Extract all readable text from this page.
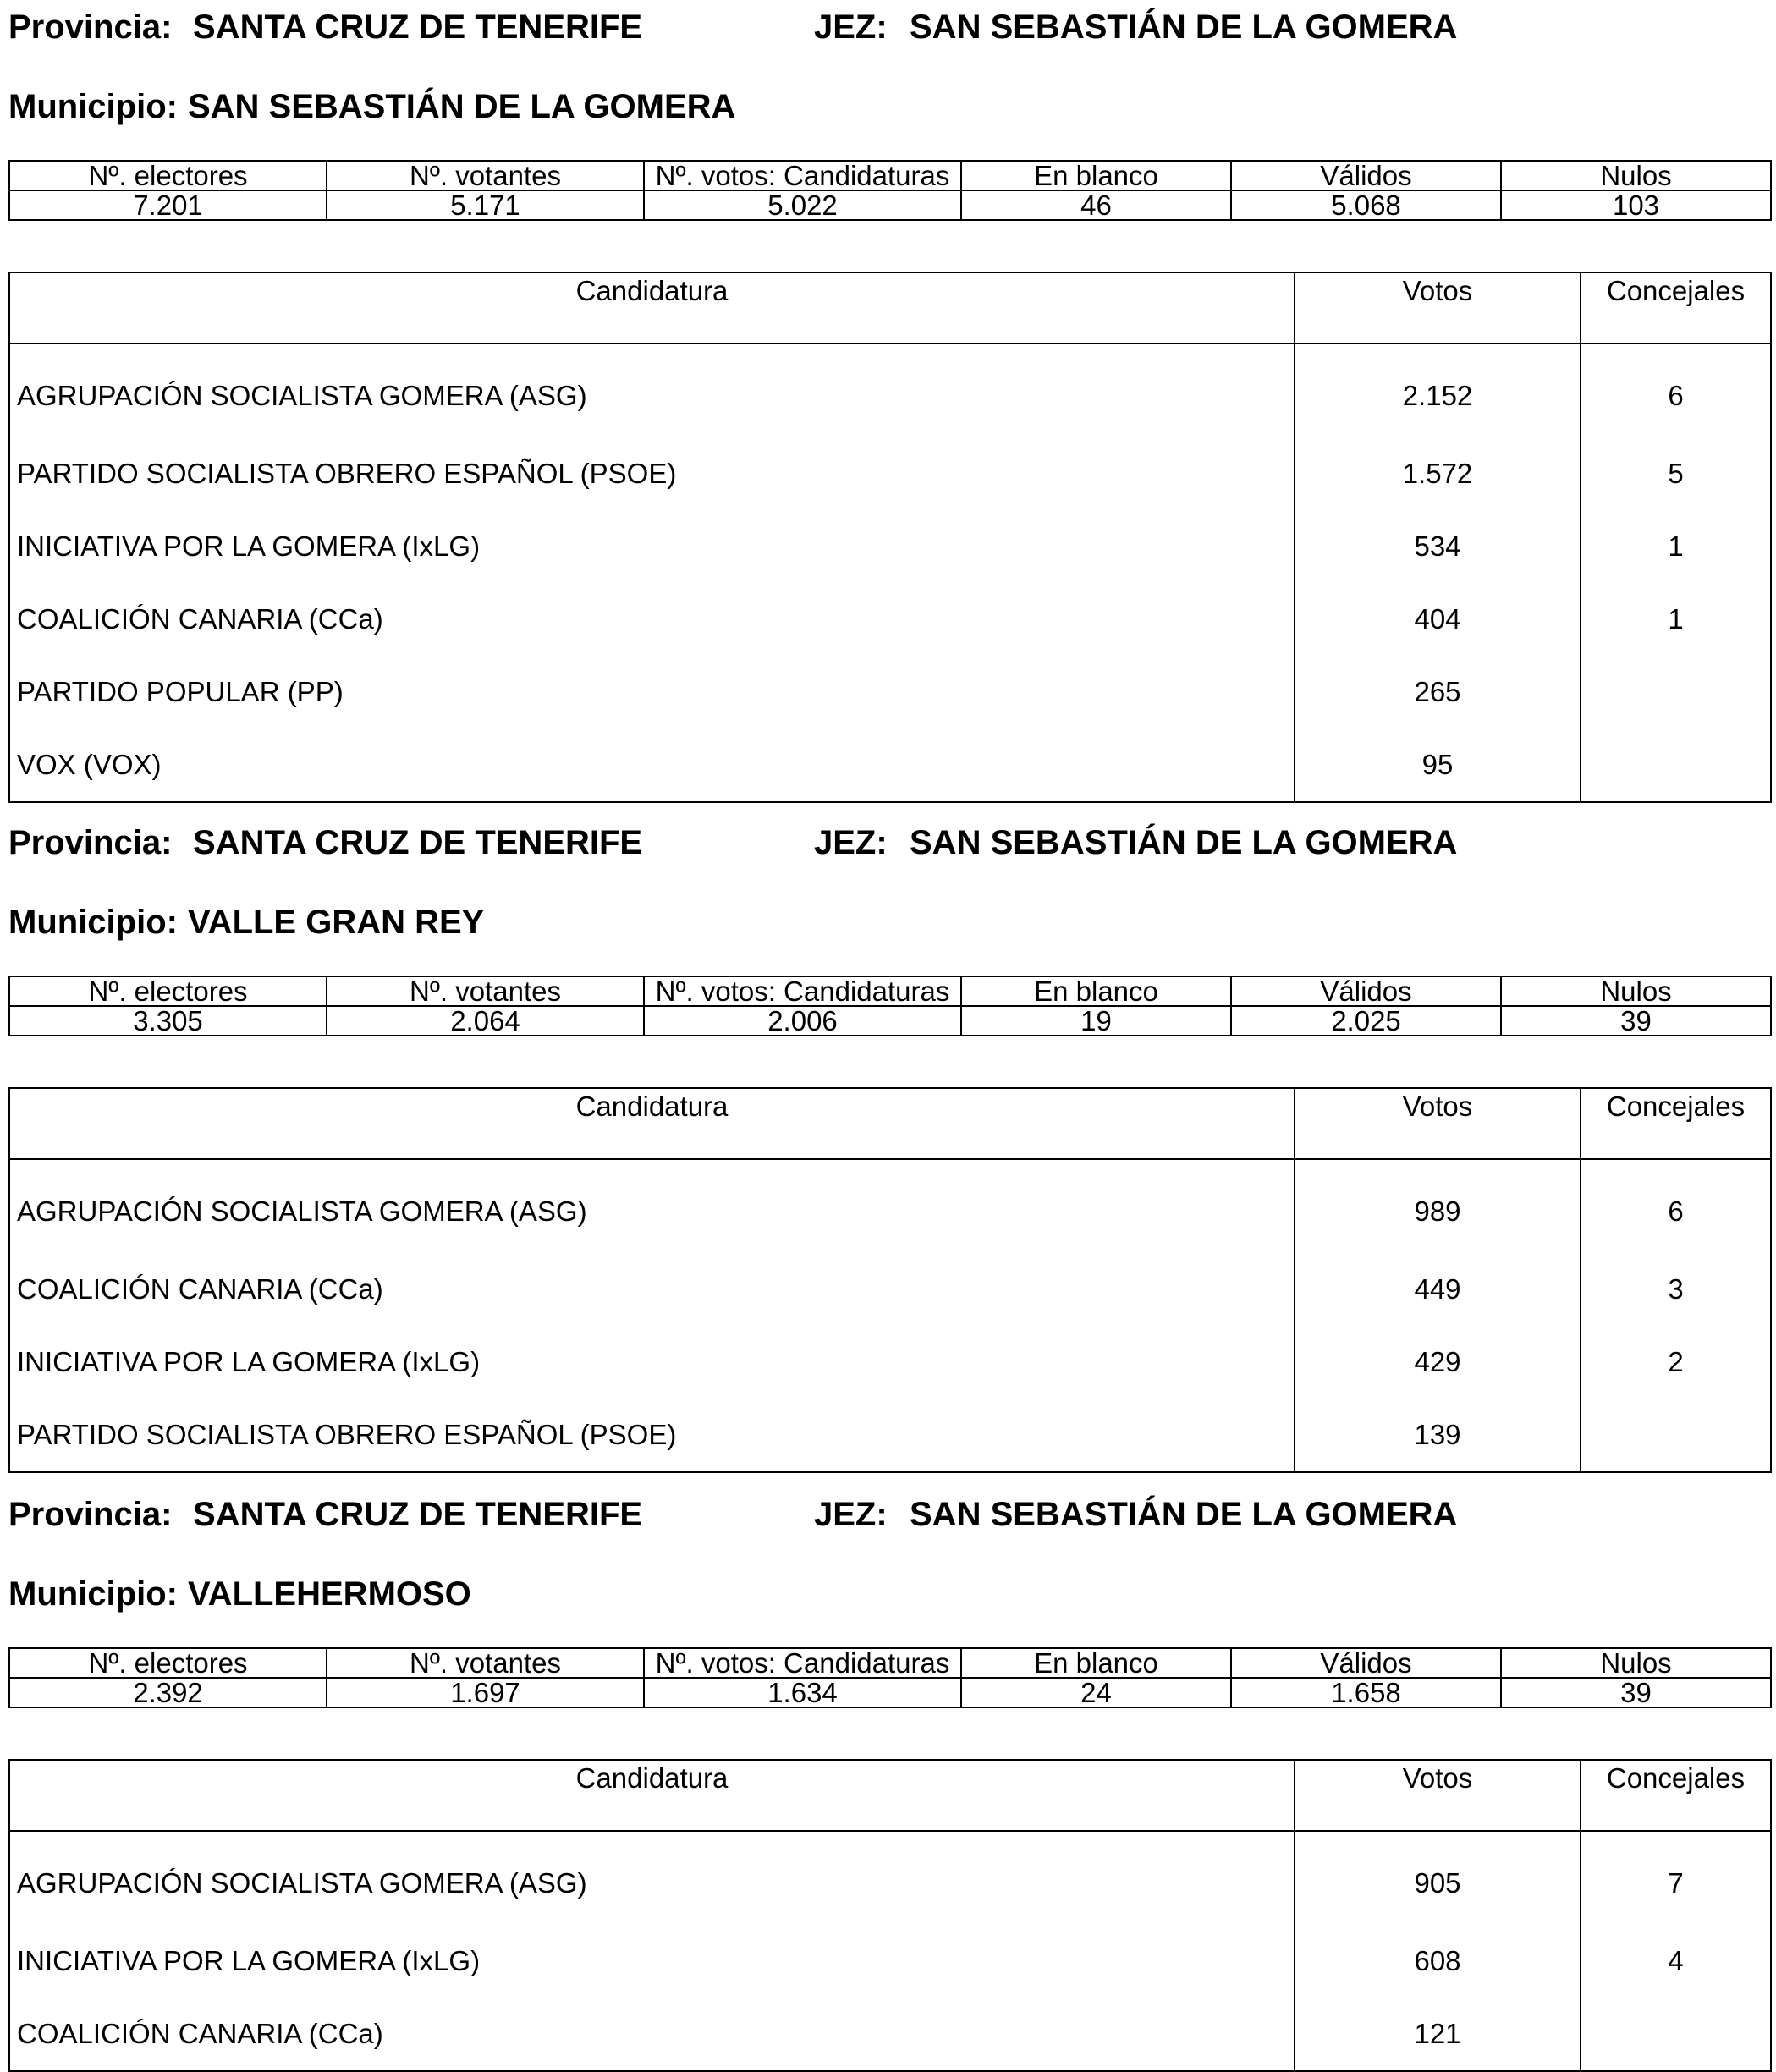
Provincia: SANTA CRUZ DE TENERIFE	JEZ: SAN SEBASTIÁN DE LA GOMERA
Municipio: SAN SEBASTIÁN DE LA GOMERA
Nº. electores	Nº. votantes	Nº. votos: Candidaturas	En blanco	Válidos	Nulos
7.201	5.171	5.022	46	5.068	103
Candidatura	Votos	Concejales
AGRUPACIÓN SOCIALISTA GOMERA (ASG)	2.152	6
PARTIDO SOCIALISTA OBRERO ESPAÑOL (PSOE)	1.572	5
INICIATIVA POR LA GOMERA (IxLG)	534	1
COALICIÓN CANARIA (CCa)	404	1
PARTIDO POPULAR (PP)	265	
VOX (VOX)	95	
Provincia: SANTA CRUZ DE TENERIFE	JEZ: SAN SEBASTIÁN DE LA GOMERA
Municipio: VALLE GRAN REY
Nº. electores	Nº. votantes	Nº. votos: Candidaturas	En blanco	Válidos	Nulos
3.305	2.064	2.006	19	2.025	39
Candidatura	Votos	Concejales
AGRUPACIÓN SOCIALISTA GOMERA (ASG)	989	6
COALICIÓN CANARIA (CCa)	449	3
INICIATIVA POR LA GOMERA (IxLG)	429	2
PARTIDO SOCIALISTA OBRERO ESPAÑOL (PSOE)	139	
Provincia: SANTA CRUZ DE TENERIFE	JEZ: SAN SEBASTIÁN DE LA GOMERA
Municipio: VALLEHERMOSO
Nº. electores	Nº. votantes	Nº. votos: Candidaturas	En blanco	Válidos	Nulos
2.392	1.697	1.634	24	1.658	39
Candidatura	Votos	Concejales
AGRUPACIÓN SOCIALISTA GOMERA (ASG)	905	7
INICIATIVA POR LA GOMERA (IxLG)	608	4
COALICIÓN CANARIA (CCa)	121	
